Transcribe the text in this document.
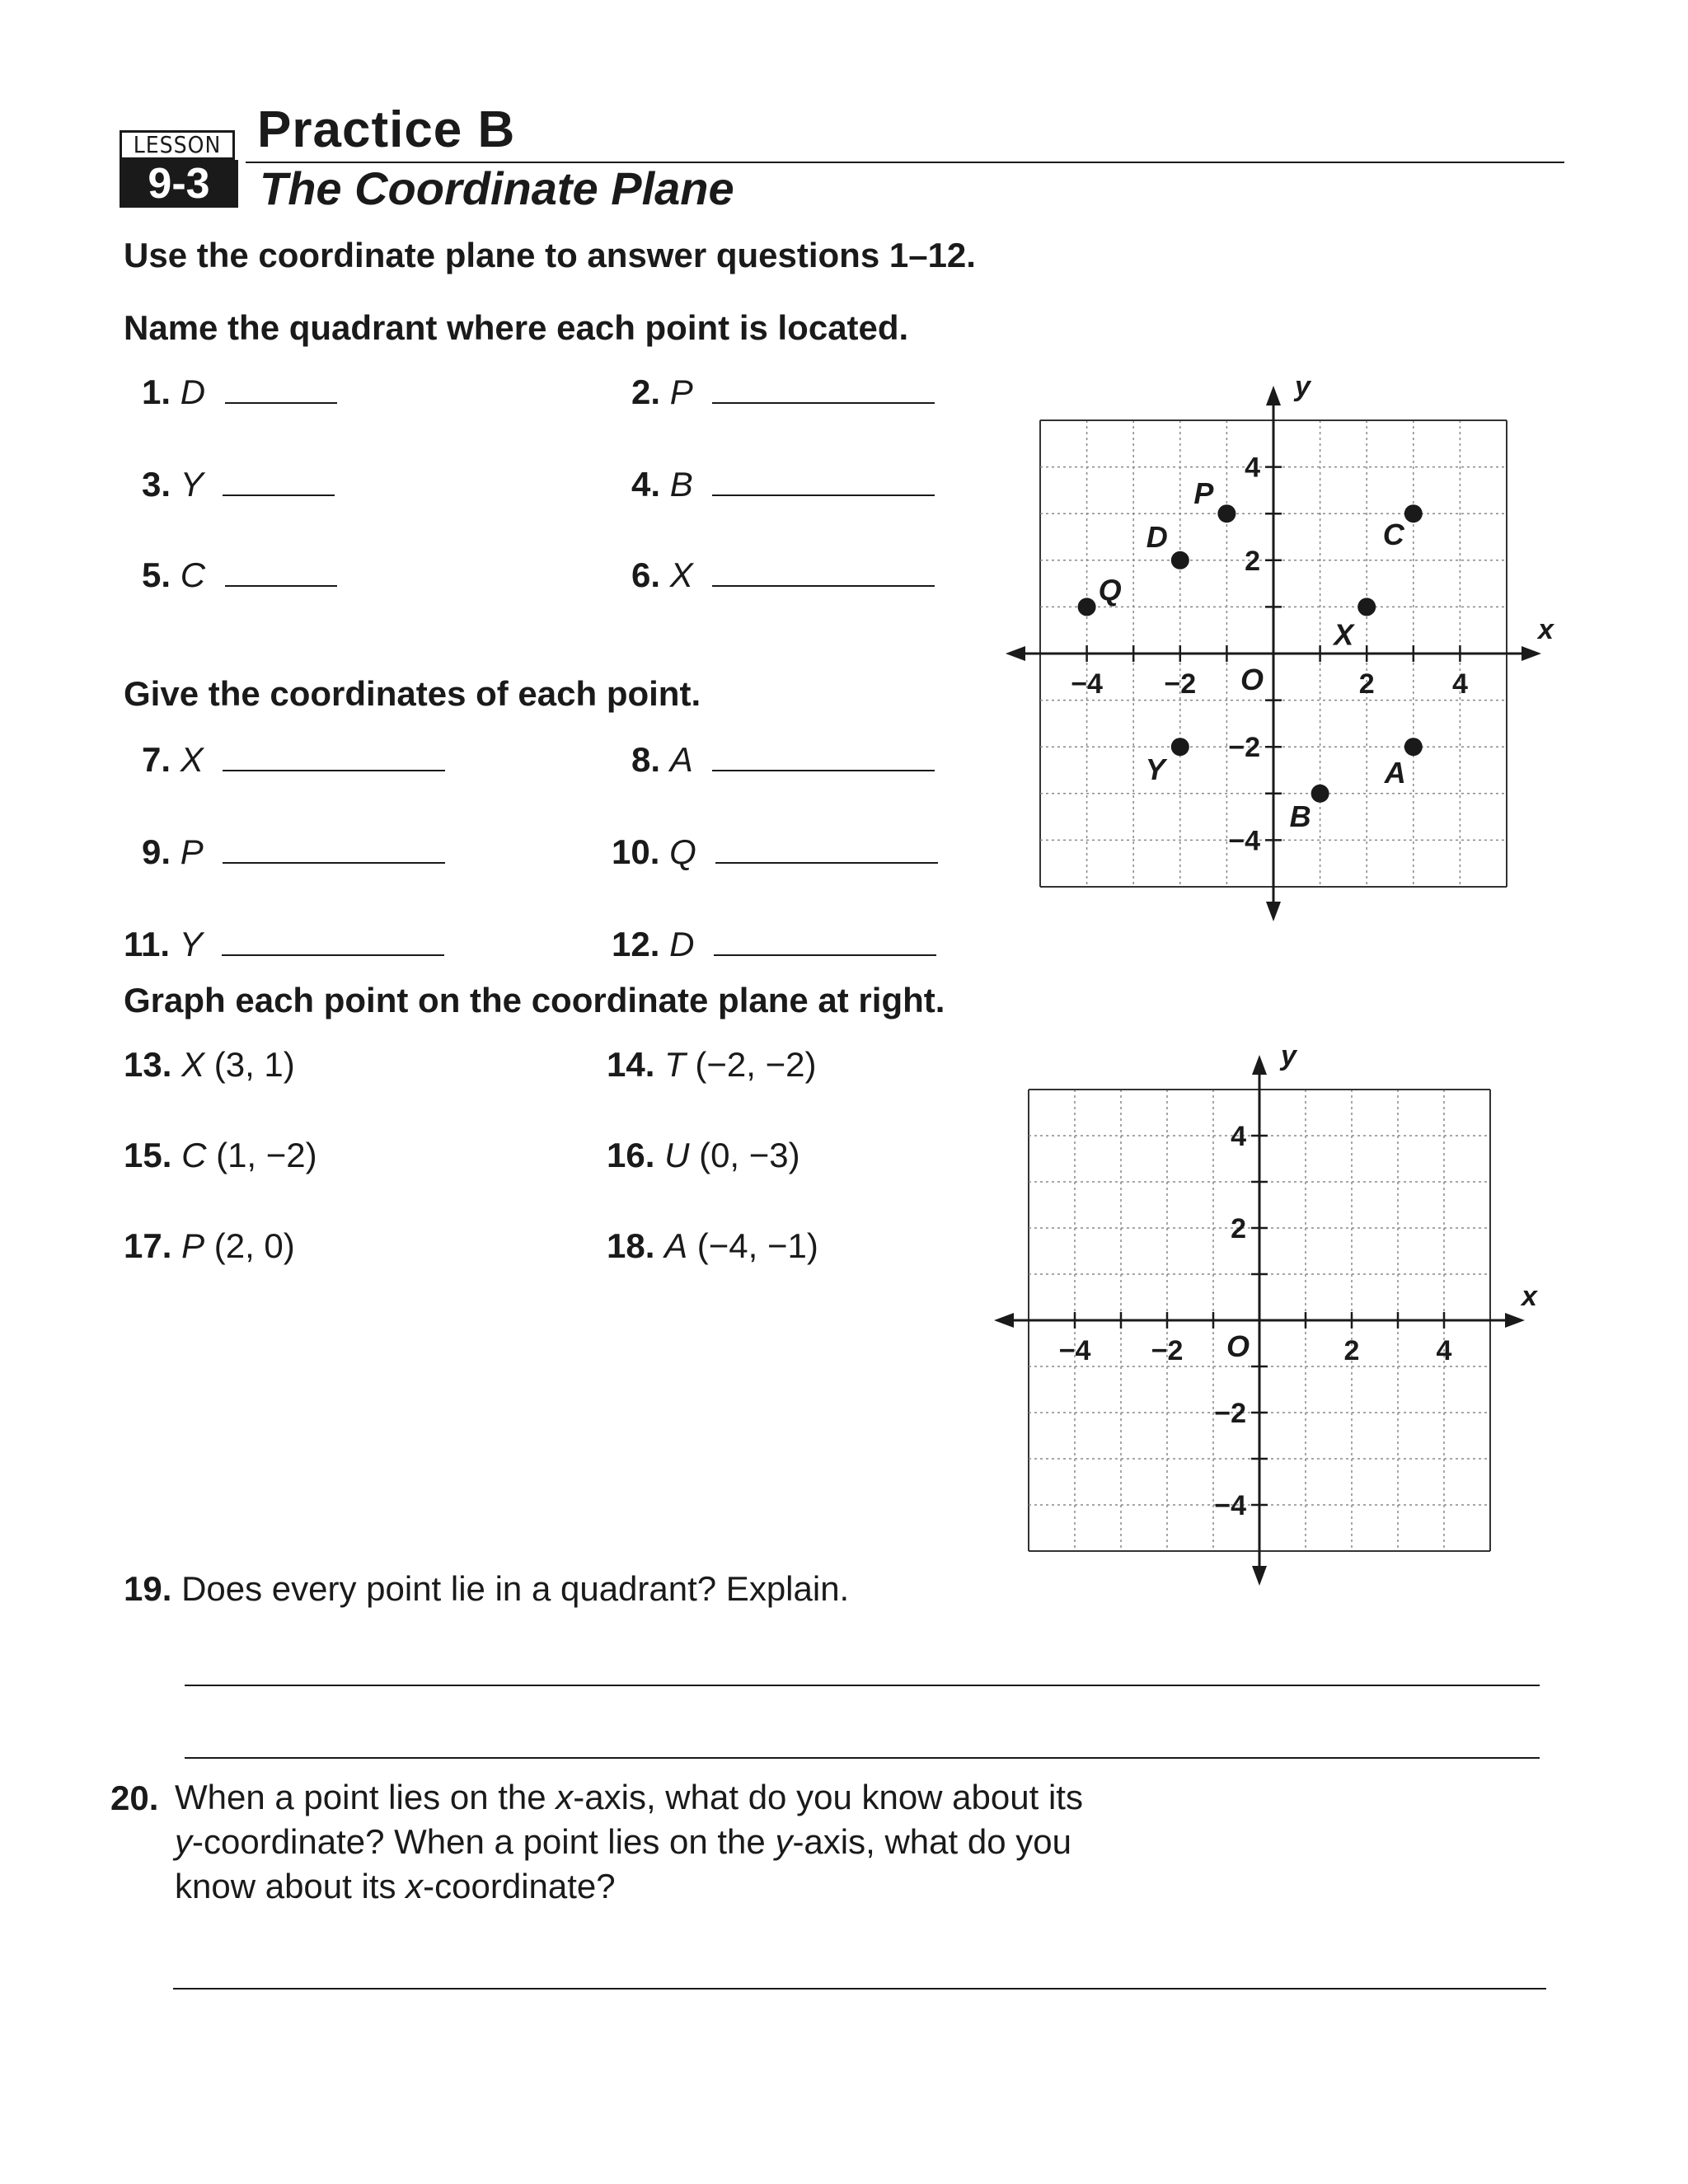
LESSON
9-3
Practice B
The Coordinate Plane
Use the coordinate plane to answer questions 1–12.
Name the quadrant where each point is located.
1. D	2. P
3. Y	4. B
5. C	6. X
Give the coordinates of each point.
7. X	8. A
9. P	10. Q
11. Y	12. D
Graph each point on the coordinate plane at right.
13. X (3, 1)	14. T (−2, −2)
15. C (1, −2)	16. U (0, −3)
17. P (2, 0)	18. A (−4, −1)
−4 −2	2	4
4
2
−2
−4
O
x
y
Q
D
P
C
X
Y	A
B
−4 −2	2	4
4
2
−2
−4
O
x
y
19. Does every point lie in a quadrant? Explain.
20. When a point lies on the x-axis, what do you know about its
y-coordinate? When a point lies on the y-axis, what do you
know about its x-coordinate?
